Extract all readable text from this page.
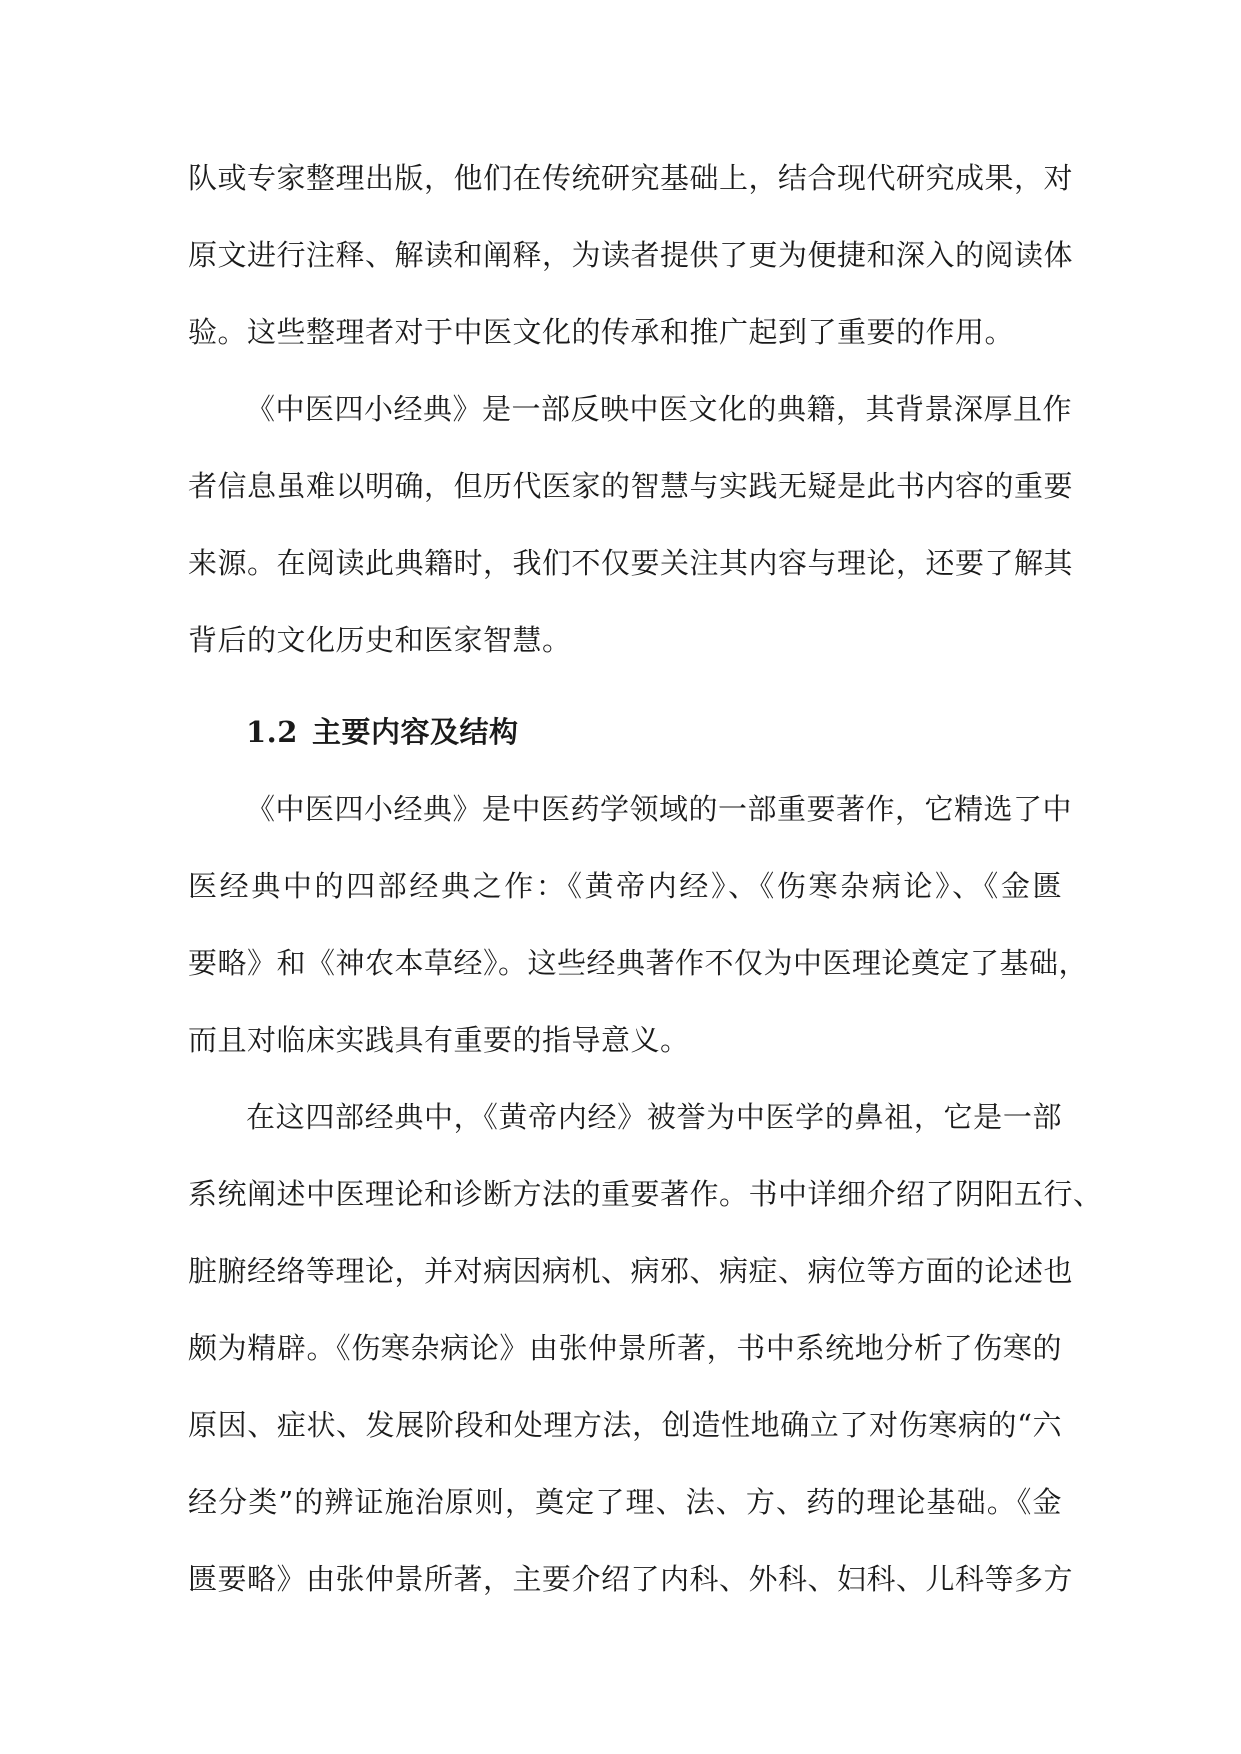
队或专家整理出版，他们在传统研究基础上，结合现代研究成果，对
原文进行注释、解读和阐释，为读者提供了更为便捷和深入的阅读体
验。这些整理者对于中医文化的传承和推广起到了重要的作用。
《中医四小经典》是一部反映中医文化的典籍，其背景深厚且作
者信息虽难以明确，但历代医家的智慧与实践无疑是此书内容的重要
来源。在阅读此典籍时，我们不仅要关注其内容与理论，还要了解其
背后的文化历史和医家智慧。
1.2 主要内容及结构
《中医四小经典》是中医药学领域的一部重要著作，它精选了中
医经典中的四部经典之作：《黄帝内经》、《伤寒杂病论》、《金匮
要略》和《神农本草经》。这些经典著作不仅为中医理论奠定了基础，
而且对临床实践具有重要的指导意义。
在这四部经典中，《黄帝内经》被誉为中医学的鼻祖，它是一部
系统阐述中医理论和诊断方法的重要著作。书中详细介绍了阴阳五行、
脏腑经络等理论，并对病因病机、病邪、病症、病位等方面的论述也
颇为精辟。《伤寒杂病论》由张仲景所著，书中系统地分析了伤寒的
原因、症状、发展阶段和处理方法，创造性地确立了对伤寒病的“六
经分类”的辨证施治原则，奠定了理、法、方、药的理论基础。《金
匮要略》由张仲景所著，主要介绍了内科、外科、妇科、儿科等多方
